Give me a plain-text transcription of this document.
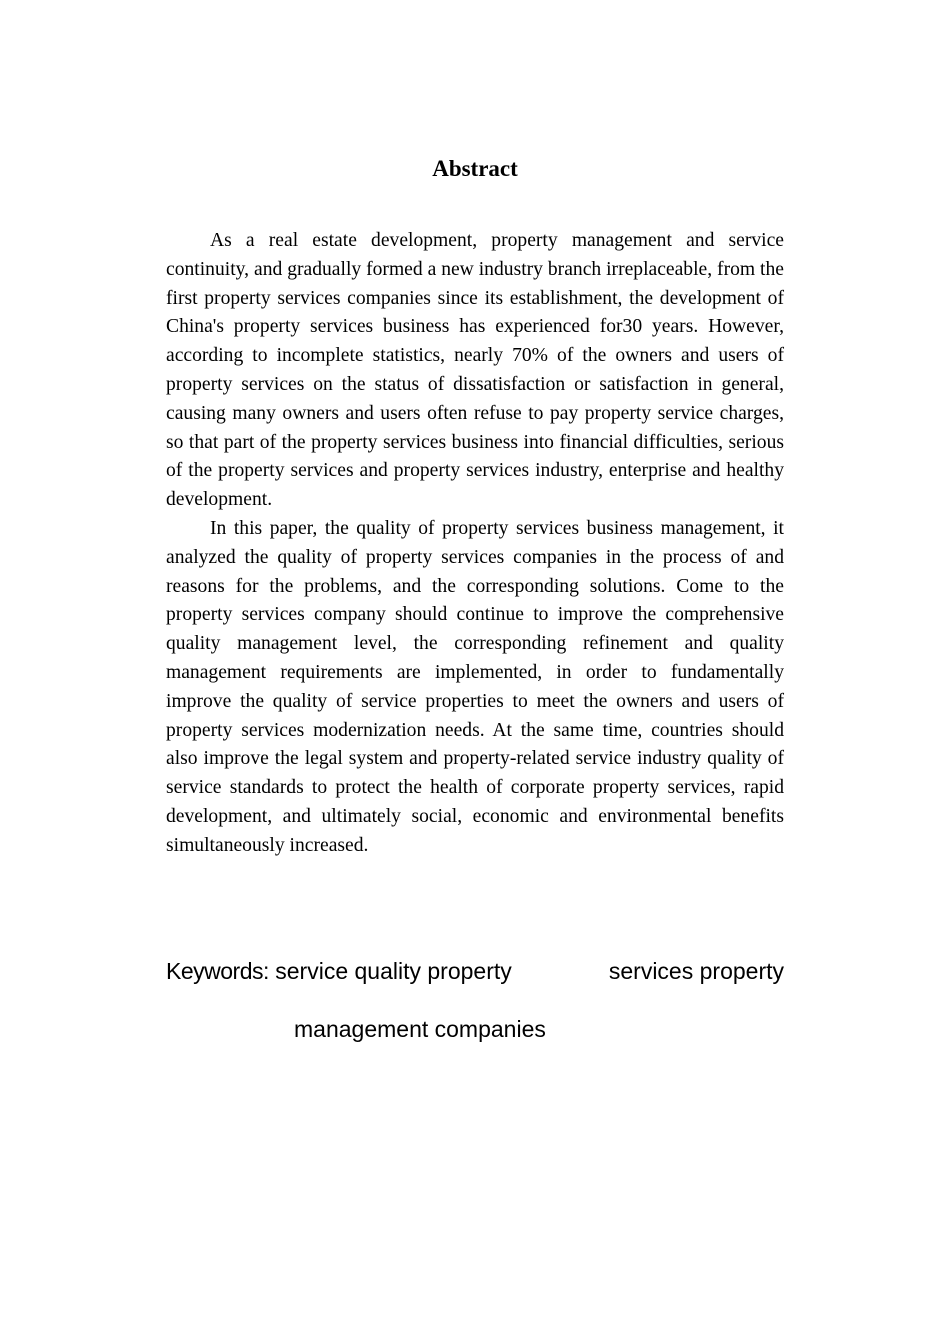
Abstract

As a real estate development, property management and service continuity, and gradually formed a new industry branch irreplaceable, from the first property services companies since its establishment, the development of China's property services business has experienced for30 years. However, according to incomplete statistics, nearly 70% of the owners and users of property services on the status of dissatisfaction or satisfaction in general, causing many owners and users often refuse to pay property service charges, so that part of the property services business into financial difficulties, serious of the property services and property services industry, enterprise and healthy development.

In this paper, the quality of property services business management, it analyzed the quality of property services companies in the process of and reasons for the problems, and the corresponding solutions. Come to the property services company should continue to improve the comprehensive quality management level, the corresponding refinement and quality management requirements are implemented, in order to fundamentally improve the quality of service properties to meet the owners and users of property services modernization needs. At the same time, countries should also improve the legal system and property-related service industry quality of service standards to protect the health of corporate property services, rapid development, and ultimately social, economic and environmental benefits simultaneously increased.

Keywords: service quality property	services property
management companies
